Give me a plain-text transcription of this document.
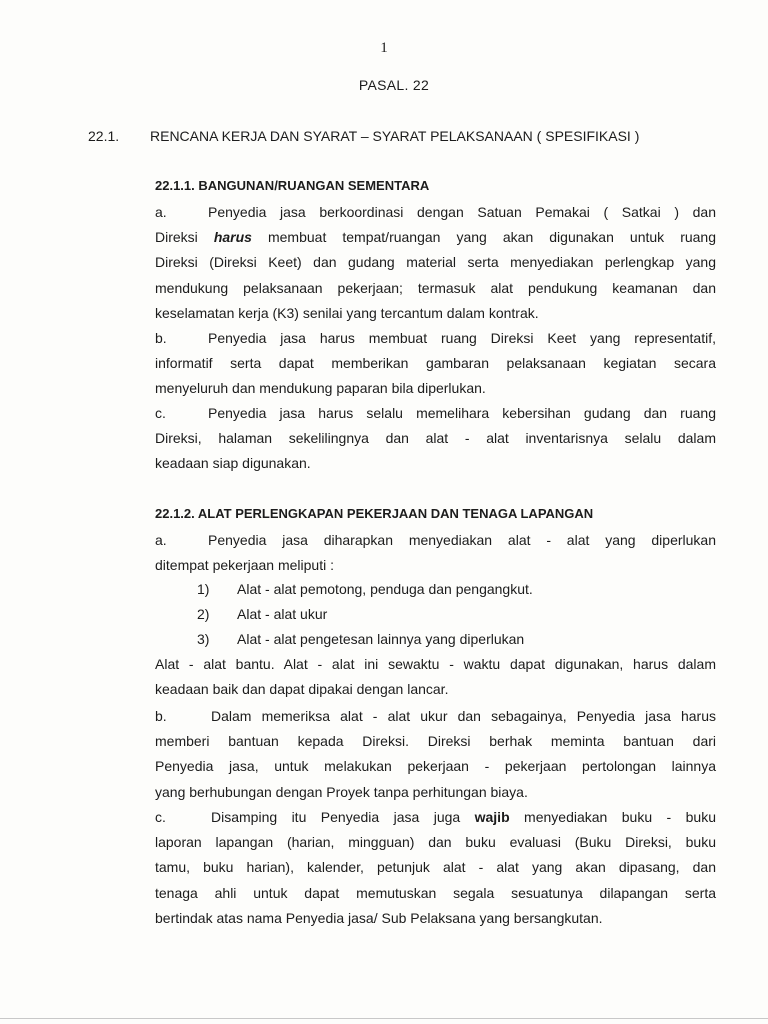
1
PASAL. 22
22.1. RENCANA KERJA DAN SYARAT – SYARAT PELAKSANAAN ( SPESIFIKASI )
22.1.1. BANGUNAN/RUANGAN SEMENTARA
a.	Penyedia jasa berkoordinasi dengan Satuan Pemakai ( Satkai ) dan
Direksi harus membuat tempat/ruangan yang akan digunakan untuk ruang
Direksi (Direksi Keet) dan gudang material serta menyediakan perlengkap yang
mendukung pelaksanaan pekerjaan; termasuk alat pendukung keamanan dan
keselamatan kerja (K3) senilai yang tercantum dalam kontrak.
b.	Penyedia jasa harus membuat ruang Direksi Keet yang representatif,
informatif serta dapat memberikan gambaran pelaksanaan kegiatan secara
menyeluruh dan mendukung paparan bila diperlukan.
c.	Penyedia jasa harus selalu memelihara kebersihan gudang dan ruang
Direksi, halaman sekelilingnya dan alat - alat inventarisnya selalu dalam
keadaan siap digunakan.
22.1.2. ALAT PERLENGKAPAN PEKERJAAN DAN TENAGA LAPANGAN
a.	Penyedia jasa diharapkan menyediakan alat - alat yang diperlukan
ditempat pekerjaan meliputi :
1) Alat - alat pemotong, penduga dan pengangkut.
2) Alat - alat ukur
3) Alat - alat pengetesan lainnya yang diperlukan
Alat - alat bantu. Alat - alat ini sewaktu - waktu dapat digunakan, harus dalam
keadaan baik dan dapat dipakai dengan lancar.
b.	Dalam memeriksa alat - alat ukur dan sebagainya, Penyedia jasa harus
memberi bantuan kepada Direksi. Direksi berhak meminta bantuan dari
Penyedia jasa, untuk melakukan pekerjaan - pekerjaan pertolongan lainnya
yang berhubungan dengan Proyek tanpa perhitungan biaya.
c.	Disamping itu Penyedia jasa juga wajib menyediakan buku - buku
laporan lapangan (harian, mingguan) dan buku evaluasi (Buku Direksi, buku
tamu, buku harian), kalender, petunjuk alat - alat yang akan dipasang, dan
tenaga ahli untuk dapat memutuskan segala sesuatunya dilapangan serta
bertindak atas nama Penyedia jasa/ Sub Pelaksana yang bersangkutan.
